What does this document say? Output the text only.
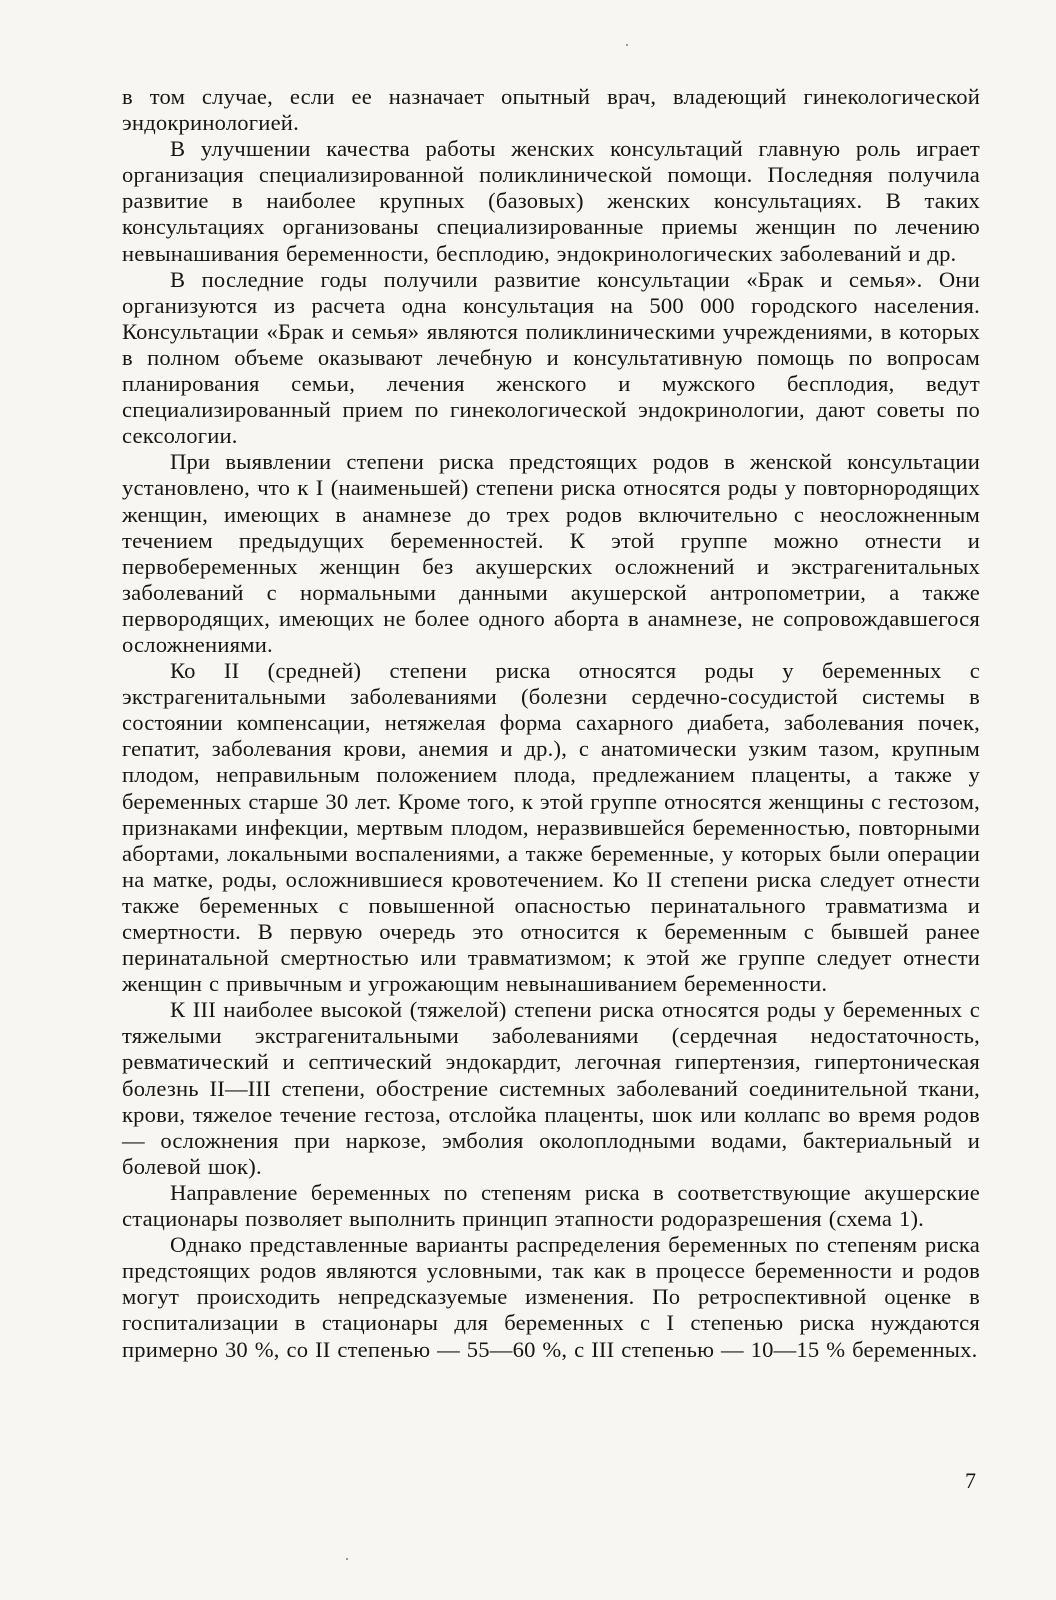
в том случае, если ее назначает опытный врач, владеющий гинекологической эндокринологией.

В улучшении качества работы женских консультаций главную роль играет организация специализированной поликлинической помощи. Последняя получила развитие в наиболее крупных (базовых) женских консультациях. В таких консультациях организованы специализированные приемы женщин по лечению невынашивания беременности, бесплодию, эндокринологических заболеваний и др.

В последние годы получили развитие консультации «Брак и семья». Они организуются из расчета одна консультация на 500 000 городского населения. Консультации «Брак и семья» являются поликлиническими учреждениями, в которых в полном объеме оказывают лечебную и консультативную помощь по вопросам планирования семьи, лечения женского и мужского бесплодия, ведут специализированный прием по гинекологической эндокринологии, дают советы по сексологии.

При выявлении степени риска предстоящих родов в женской консультации установлено, что к I (наименьшей) степени риска относятся роды у повторнородящих женщин, имеющих в анамнезе до трех родов включительно с неосложненным течением предыдущих беременностей. К этой группе можно отнести и первобеременных женщин без акушерских осложнений и экстрагенитальных заболеваний с нормальными данными акушерской антропометрии, а также первородящих, имеющих не более одного аборта в анамнезе, не сопровождавшегося осложнениями.

Ко II (средней) степени риска относятся роды у беременных с экстрагенитальными заболеваниями (болезни сердечно-сосудистой системы в состоянии компенсации, нетяжелая форма сахарного диабета, заболевания почек, гепатит, заболевания крови, анемия и др.), с анатомически узким тазом, крупным плодом, неправильным положением плода, предлежанием плаценты, а также у беременных старше 30 лет. Кроме того, к этой группе относятся женщины с гестозом, признаками инфекции, мертвым плодом, неразвившейся беременностью, повторными абортами, локальными воспалениями, а также беременные, у которых были операции на матке, роды, осложнившиеся кровотечением. Ко II степени риска следует отнести также беременных с повышенной опасностью перинатального травматизма и смертности. В первую очередь это относится к беременным с бывшей ранее перинатальной смертностью или травматизмом; к этой же группе следует отнести женщин с привычным и угрожающим невынашиванием беременности.

К III наиболее высокой (тяжелой) степени риска относятся роды у беременных с тяжелыми экстрагенитальными заболеваниями (сердечная недостаточность, ревматический и септический эндокардит, легочная гипертензия, гипертоническая болезнь II—III степени, обострение системных заболеваний соединительной ткани, крови, тяжелое течение гестоза, отслойка плаценты, шок или коллапс во время родов — осложнения при наркозе, эмболия околоплодными водами, бактериальный и болевой шок).

Направление беременных по степеням риска в соответствующие акушерские стационары позволяет выполнить принцип этапности родоразрешения (схема 1).

Однако представленные варианты распределения беременных по степеням риска предстоящих родов являются условными, так как в процессе беременности и родов могут происходить непредсказуемые изменения. По ретроспективной оценке в госпитализации в стационары для беременных с I степенью риска нуждаются примерно 30 %, со II степенью — 55—60 %, с III степенью — 10—15 % беременных.

7
